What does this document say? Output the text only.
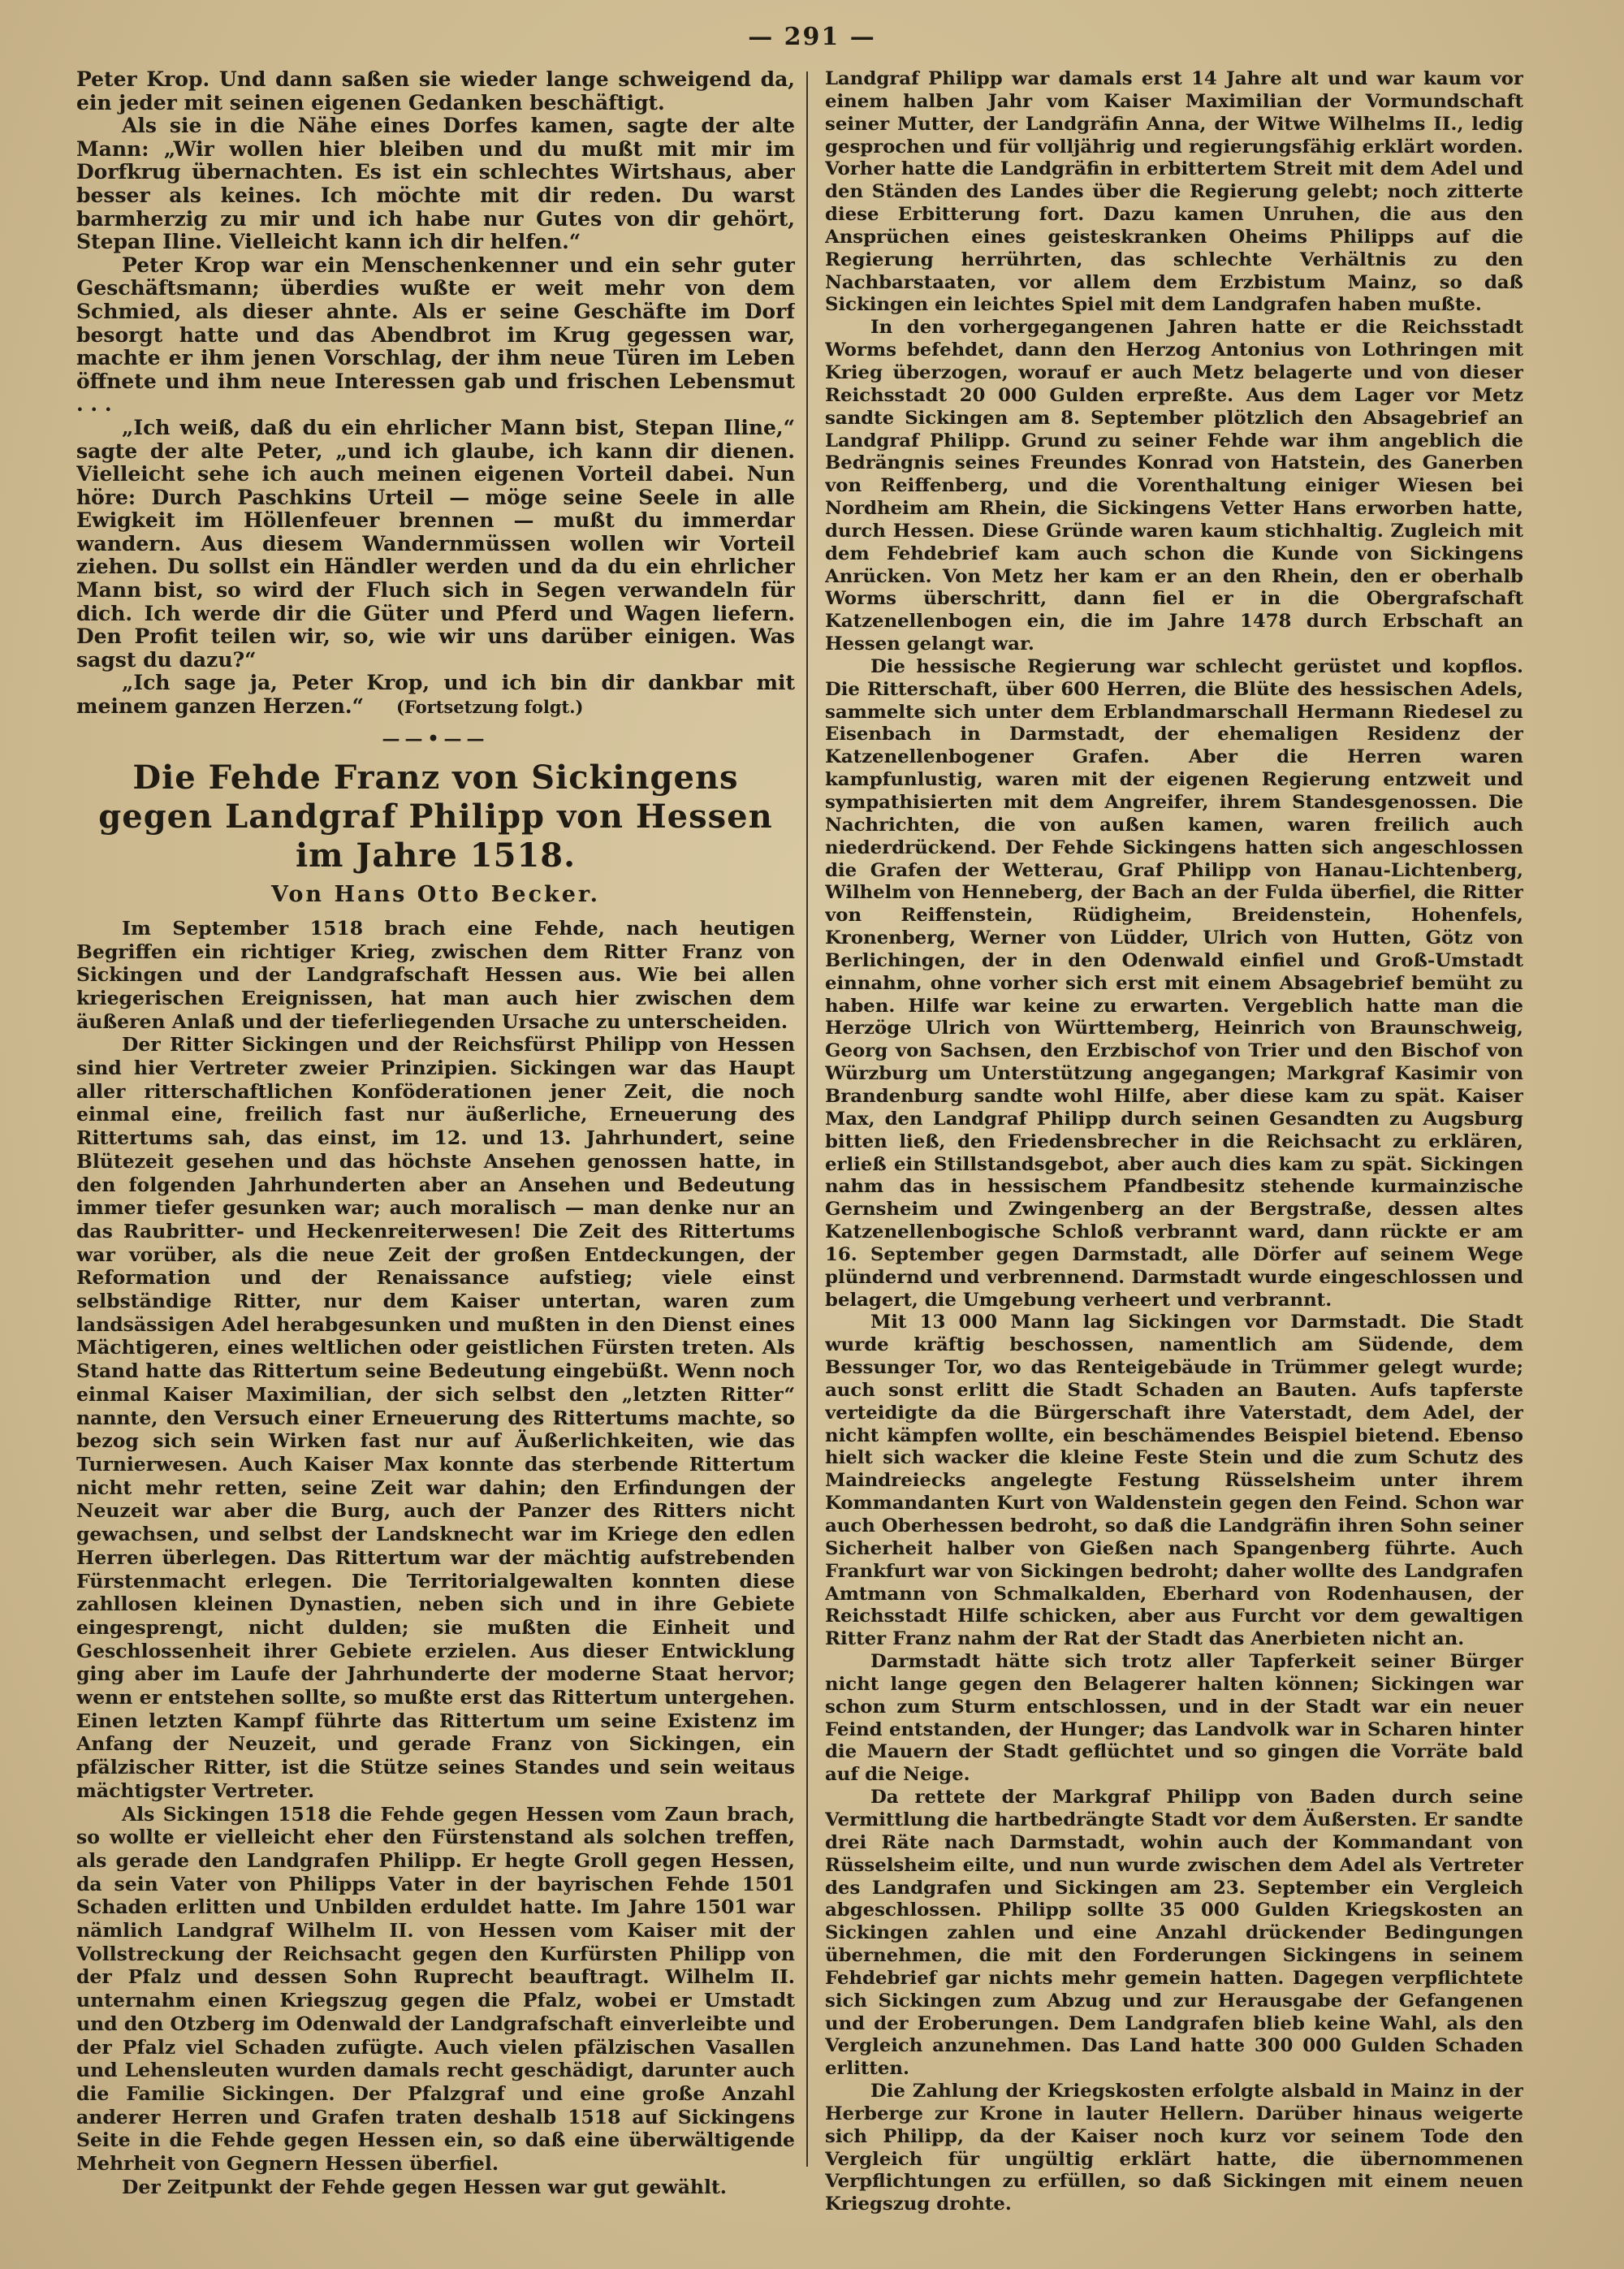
— 291 —

Peter Krop. Und dann saßen sie wieder lange schweigend da, ein jeder mit seinen eigenen Gedanken beschäftigt.

Als sie in die Nähe eines Dorfes kamen, sagte der alte Mann: „Wir wollen hier bleiben und du mußt mit mir im Dorfkrug übernachten. Es ist ein schlechtes Wirtshaus, aber besser als keines. Ich möchte mit dir reden. Du warst barmherzig zu mir und ich habe nur Gutes von dir gehört, Stepan Iline. Vielleicht kann ich dir helfen.“

Peter Krop war ein Menschenkenner und ein sehr guter Geschäftsmann; überdies wußte er weit mehr von dem Schmied, als dieser ahnte. Als er seine Geschäfte im Dorf besorgt hatte und das Abendbrot im Krug gegessen war, machte er ihm jenen Vorschlag, der ihm neue Türen im Leben öffnete und ihm neue Interessen gab und frischen Lebensmut . . .

„Ich weiß, daß du ein ehrlicher Mann bist, Stepan Iline,“ sagte der alte Peter, „und ich glaube, ich kann dir dienen. Vielleicht sehe ich auch meinen eigenen Vorteil dabei. Nun höre: Durch Paschkins Urteil — möge seine Seele in alle Ewigkeit im Höllenfeuer brennen — mußt du immerdar wandern. Aus diesem Wandernmüssen wollen wir Vorteil ziehen. Du sollst ein Händler werden und da du ein ehrlicher Mann bist, so wird der Fluch sich in Segen verwandeln für dich. Ich werde dir die Güter und Pferd und Wagen liefern. Den Profit teilen wir, so, wie wir uns darüber einigen. Was sagst du dazu?“

„Ich sage ja, Peter Krop, und ich bin dir dankbar mit meinem ganzen Herzen.“ (Fortsetzung folgt.)

——•——
Die Fehde Franz von Sickingens gegen Landgraf Philipp von Hessen im Jahre 1518.
Von Hans Otto Becker.

Im September 1518 brach eine Fehde, nach heutigen Begriffen ein richtiger Krieg, zwischen dem Ritter Franz von Sickingen und der Landgrafschaft Hessen aus. Wie bei allen kriegerischen Ereignissen, hat man auch hier zwischen dem äußeren Anlaß und der tieferliegenden Ursache zu unterscheiden.

Der Ritter Sickingen und der Reichsfürst Philipp von Hessen sind hier Vertreter zweier Prinzipien. Sickingen war das Haupt aller ritterschaftlichen Konföderationen jener Zeit, die noch einmal eine, freilich fast nur äußerliche, Erneuerung des Rittertums sah, das einst, im 12. und 13. Jahrhundert, seine Blütezeit gesehen und das höchste Ansehen genossen hatte, in den folgenden Jahrhunderten aber an Ansehen und Bedeutung immer tiefer gesunken war; auch moralisch — man denke nur an das Raubritter- und Heckenreiterwesen! Die Zeit des Rittertums war vorüber, als die neue Zeit der großen Entdeckungen, der Reformation und der Renaissance aufstieg; viele einst selbständige Ritter, nur dem Kaiser untertan, waren zum landsässigen Adel herabgesunken und mußten in den Dienst eines Mächtigeren, eines weltlichen oder geistlichen Fürsten treten. Als Stand hatte das Rittertum seine Bedeutung eingebüßt. Wenn noch einmal Kaiser Maximilian, der sich selbst den „letzten Ritter“ nannte, den Versuch einer Erneuerung des Rittertums machte, so bezog sich sein Wirken fast nur auf Äußerlichkeiten, wie das Turnierwesen. Auch Kaiser Max konnte das sterbende Rittertum nicht mehr retten, seine Zeit war dahin; den Erfindungen der Neuzeit war aber die Burg, auch der Panzer des Ritters nicht gewachsen, und selbst der Landsknecht war im Kriege den edlen Herren überlegen. Das Rittertum war der mächtig aufstrebenden Fürstenmacht erlegen. Die Territorialgewalten konnten diese zahllosen kleinen Dynastien, neben sich und in ihre Gebiete eingesprengt, nicht dulden; sie mußten die Einheit und Geschlossenheit ihrer Gebiete erzielen. Aus dieser Entwicklung ging aber im Laufe der Jahrhunderte der moderne Staat hervor; wenn er entstehen sollte, so mußte erst das Rittertum untergehen. Einen letzten Kampf führte das Rittertum um seine Existenz im Anfang der Neuzeit, und gerade Franz von Sickingen, ein pfälzischer Ritter, ist die Stütze seines Standes und sein weitaus mächtigster Vertreter.

Als Sickingen 1518 die Fehde gegen Hessen vom Zaun brach, so wollte er vielleicht eher den Fürstenstand als solchen treffen, als gerade den Landgrafen Philipp. Er hegte Groll gegen Hessen, da sein Vater von Philipps Vater in der bayrischen Fehde 1501 Schaden erlitten und Unbilden erduldet hatte. Im Jahre 1501 war nämlich Landgraf Wilhelm II. von Hessen vom Kaiser mit der Vollstreckung der Reichsacht gegen den Kurfürsten Philipp von der Pfalz und dessen Sohn Ruprecht beauftragt. Wilhelm II. unternahm einen Kriegszug gegen die Pfalz, wobei er Umstadt und den Otzberg im Odenwald der Landgrafschaft einverleibte und der Pfalz viel Schaden zufügte. Auch vielen pfälzischen Vasallen und Lehensleuten wurden damals recht geschädigt, darunter auch die Familie Sickingen. Der Pfalzgraf und eine große Anzahl anderer Herren und Grafen traten deshalb 1518 auf Sickingens Seite in die Fehde gegen Hessen ein, so daß eine überwältigende Mehrheit von Gegnern Hessen überfiel.

Der Zeitpunkt der Fehde gegen Hessen war gut gewählt.

Landgraf Philipp war damals erst 14 Jahre alt und war kaum vor einem halben Jahr vom Kaiser Maximilian der Vormundschaft seiner Mutter, der Landgräfin Anna, der Witwe Wilhelms II., ledig gesprochen und für volljährig und regierungsfähig erklärt worden. Vorher hatte die Landgräfin in erbittertem Streit mit dem Adel und den Ständen des Landes über die Regierung gelebt; noch zitterte diese Erbitterung fort. Dazu kamen Unruhen, die aus den Ansprüchen eines geisteskranken Oheims Philipps auf die Regierung herrührten, das schlechte Verhältnis zu den Nachbarstaaten, vor allem dem Erzbistum Mainz, so daß Sickingen ein leichtes Spiel mit dem Landgrafen haben mußte.

In den vorhergegangenen Jahren hatte er die Reichsstadt Worms befehdet, dann den Herzog Antonius von Lothringen mit Krieg überzogen, worauf er auch Metz belagerte und von dieser Reichsstadt 20 000 Gulden erpreßte. Aus dem Lager vor Metz sandte Sickingen am 8. September plötzlich den Absagebrief an Landgraf Philipp. Grund zu seiner Fehde war ihm angeblich die Bedrängnis seines Freundes Konrad von Hatstein, des Ganerben von Reiffenberg, und die Vorenthaltung einiger Wiesen bei Nordheim am Rhein, die Sickingens Vetter Hans erworben hatte, durch Hessen. Diese Gründe waren kaum stichhaltig. Zugleich mit dem Fehdebrief kam auch schon die Kunde von Sickingens Anrücken. Von Metz her kam er an den Rhein, den er oberhalb Worms überschritt, dann fiel er in die Obergrafschaft Katzenellenbogen ein, die im Jahre 1478 durch Erbschaft an Hessen gelangt war.

Die hessische Regierung war schlecht gerüstet und kopflos. Die Ritterschaft, über 600 Herren, die Blüte des hessischen Adels, sammelte sich unter dem Erblandmarschall Hermann Riedesel zu Eisenbach in Darmstadt, der ehemaligen Residenz der Katzenellenbogener Grafen. Aber die Herren waren kampfunlustig, waren mit der eigenen Regierung entzweit und sympathisierten mit dem Angreifer, ihrem Standesgenossen. Die Nachrichten, die von außen kamen, waren freilich auch niederdrückend. Der Fehde Sickingens hatten sich angeschlossen die Grafen der Wetterau, Graf Philipp von Hanau-Lichtenberg, Wilhelm von Henneberg, der Bach an der Fulda überfiel, die Ritter von Reiffenstein, Rüdigheim, Breidenstein, Hohenfels, Kronenberg, Werner von Lüdder, Ulrich von Hutten, Götz von Berlichingen, der in den Odenwald einfiel und Groß-Umstadt einnahm, ohne vorher sich erst mit einem Absagebrief bemüht zu haben. Hilfe war keine zu erwarten. Vergeblich hatte man die Herzöge Ulrich von Württemberg, Heinrich von Braunschweig, Georg von Sachsen, den Erzbischof von Trier und den Bischof von Würzburg um Unterstützung angegangen; Markgraf Kasimir von Brandenburg sandte wohl Hilfe, aber diese kam zu spät. Kaiser Max, den Landgraf Philipp durch seinen Gesandten zu Augsburg bitten ließ, den Friedensbrecher in die Reichsacht zu erklären, erließ ein Stillstandsgebot, aber auch dies kam zu spät. Sickingen nahm das in hessischem Pfandbesitz stehende kurmainzische Gernsheim und Zwingenberg an der Bergstraße, dessen altes Katzenellenbogische Schloß verbrannt ward, dann rückte er am 16. September gegen Darmstadt, alle Dörfer auf seinem Wege plündernd und verbrennend. Darmstadt wurde eingeschlossen und belagert, die Umgebung verheert und verbrannt.

Mit 13 000 Mann lag Sickingen vor Darmstadt. Die Stadt wurde kräftig beschossen, namentlich am Südende, dem Bessunger Tor, wo das Renteigebäude in Trümmer gelegt wurde; auch sonst erlitt die Stadt Schaden an Bauten. Aufs tapferste verteidigte da die Bürgerschaft ihre Vaterstadt, dem Adel, der nicht kämpfen wollte, ein beschämendes Beispiel bietend. Ebenso hielt sich wacker die kleine Feste Stein und die zum Schutz des Maindreiecks angelegte Festung Rüsselsheim unter ihrem Kommandanten Kurt von Waldenstein gegen den Feind. Schon war auch Oberhessen bedroht, so daß die Landgräfin ihren Sohn seiner Sicherheit halber von Gießen nach Spangenberg führte. Auch Frankfurt war von Sickingen bedroht; daher wollte des Landgrafen Amtmann von Schmalkalden, Eberhard von Rodenhausen, der Reichsstadt Hilfe schicken, aber aus Furcht vor dem gewaltigen Ritter Franz nahm der Rat der Stadt das Anerbieten nicht an.

Darmstadt hätte sich trotz aller Tapferkeit seiner Bürger nicht lange gegen den Belagerer halten können; Sickingen war schon zum Sturm entschlossen, und in der Stadt war ein neuer Feind entstanden, der Hunger; das Landvolk war in Scharen hinter die Mauern der Stadt geflüchtet und so gingen die Vorräte bald auf die Neige.

Da rettete der Markgraf Philipp von Baden durch seine Vermittlung die hartbedrängte Stadt vor dem Äußersten. Er sandte drei Räte nach Darmstadt, wohin auch der Kommandant von Rüsselsheim eilte, und nun wurde zwischen dem Adel als Vertreter des Landgrafen und Sickingen am 23. September ein Vergleich abgeschlossen. Philipp sollte 35 000 Gulden Kriegskosten an Sickingen zahlen und eine Anzahl drückender Bedingungen übernehmen, die mit den Forderungen Sickingens in seinem Fehdebrief gar nichts mehr gemein hatten. Dagegen verpflichtete sich Sickingen zum Abzug und zur Herausgabe der Gefangenen und der Eroberungen. Dem Landgrafen blieb keine Wahl, als den Vergleich anzunehmen. Das Land hatte 300 000 Gulden Schaden erlitten.

Die Zahlung der Kriegskosten erfolgte alsbald in Mainz in der Herberge zur Krone in lauter Hellern. Darüber hinaus weigerte sich Philipp, da der Kaiser noch kurz vor seinem Tode den Vergleich für ungültig erklärt hatte, die übernommenen Verpflichtungen zu erfüllen, so daß Sickingen mit einem neuen Kriegszug drohte.
